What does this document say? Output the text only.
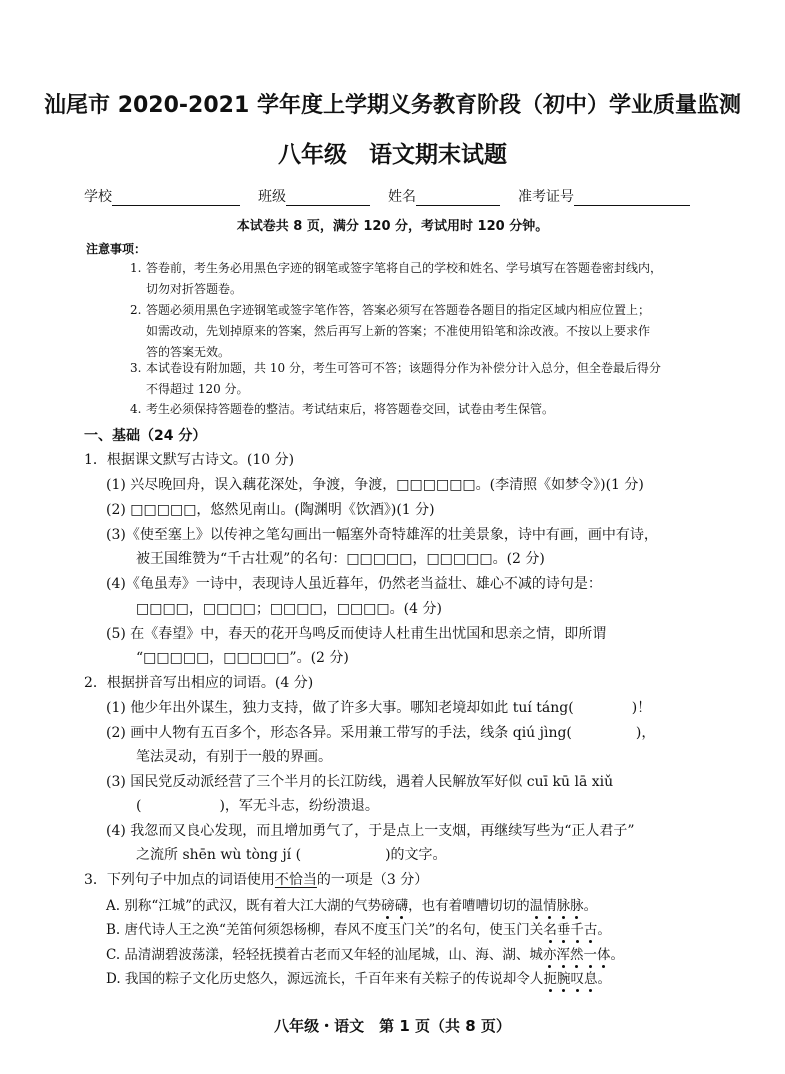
汕尾市 2020-2021 学年度上学期义务教育阶段（初中）学业质量监测
八年级 语文期末试题
学校	班级	姓名	准考证号
本试卷共 8 页，满分 120 分，考试用时 120 分钟。
注意事项：
1. 答卷前，考生务必用黑色字迹的钢笔或签字笔将自己的学校和姓名、学号填写在答题卷密封线内，
切勿对折答题卷。
2. 答题必须用黑色字迹钢笔或签字笔作答，答案必须写在答题卷各题目的指定区域内相应位置上；
如需改动，先划掉原来的答案，然后再写上新的答案；不准使用铅笔和涂改液。不按以上要求作
答的答案无效。
3. 本试卷设有附加题，共 10 分，考生可答可不答；该题得分作为补偿分计入总分，但全卷最后得分
不得超过 120 分。
4. 考生必须保持答题卷的整洁。考试结束后，将答题卷交回，试卷由考生保管。
一、基础（24 分）
1．根据课文默写古诗文。(10 分)
(1) 兴尽晚回舟，误入藕花深处，争渡，争渡，□□□□□□。(李清照《如梦令》)(1 分)
(2) □□□□□，悠然见南山。(陶渊明《饮酒》)(1 分)
(3)《使至塞上》以传神之笔勾画出一幅塞外奇特雄浑的壮美景象，诗中有画，画中有诗，
被王国维赞为“千古壮观”的名句：□□□□□，□□□□□。(2 分)
(4)《龟虽寿》一诗中，表现诗人虽近暮年，仍然老当益壮、雄心不减的诗句是：
□□□□，□□□□；□□□□，□□□□。(4 分)
(5) 在《春望》中，春天的花开鸟鸣反而使诗人杜甫生出忧国和思亲之情，即所谓
“□□□□□，□□□□□”。(2 分)
2．根据拼音写出相应的词语。(4 分)
(1) 他少年出外谋生，独力支持，做了许多大事。哪知老境却如此 tuí táng(	)！
(2) 画中人物有五百多个，形态各异。采用兼工带写的手法，线条 qiú jìng(	)，
笔法灵动，有别于一般的界画。
(3) 国民党反动派经营了三个半月的长江防线，遇着人民解放军好似 cuī kū lā xiǔ
(	)，军无斗志，纷纷溃退。
(4) 我忽而又良心发现，而且增加勇气了，于是点上一支烟，再继续写些为“正人君子”
之流所 shēn wù tòng jí (	)的文字。
3．下列句子中加点的词语使用不恰当的一项是（3 分）
A. 别称“江城”的武汉，既有着大江大湖的气势磅礴，也有着嘈嘈切切的温情脉脉。
B. 唐代诗人王之涣“羌笛何须怨杨柳，春风不度玉门关”的名句，使玉门关名垂千古。
C. 品清湖碧波荡漾，轻轻抚摸着古老而又年轻的汕尾城，山、海、湖、城亦浑然一体。
D. 我国的粽子文化历史悠久，源远流长，千百年来有关粽子的传说却令人扼腕叹息。
八年级・语文　第 1 页（共 8 页）
